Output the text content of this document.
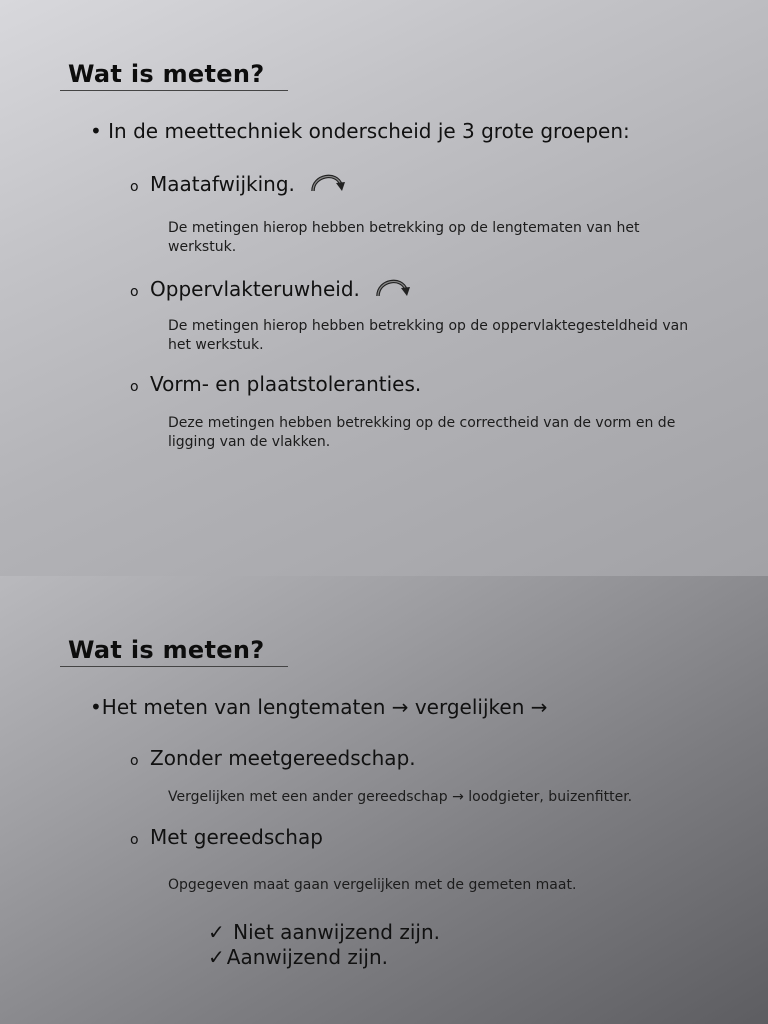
Wat is meten?

• In de meettechniek onderscheid je 3 grote groepen:

o Maatafwijking.

De metingen hierop hebben betrekking op de lengtematen van het werkstuk.

o Oppervlakteruwheid.

De metingen hierop hebben betrekking op de oppervlaktegesteldheid van het werkstuk.

o Vorm- en plaatstoleranties.

Deze metingen hebben betrekking op de correctheid van de vorm en de ligging van de vlakken.

Wat is meten?

•Het meten van lengtematen → vergelijken →

o Zonder meetgereedschap.

Vergelijken met een ander gereedschap → loodgieter, buizenfitter.

o Met gereedschap

Opgegeven maat gaan vergelijken met de gemeten maat.

✓ Niet aanwijzend zijn.

✓ Aanwijzend zijn.
